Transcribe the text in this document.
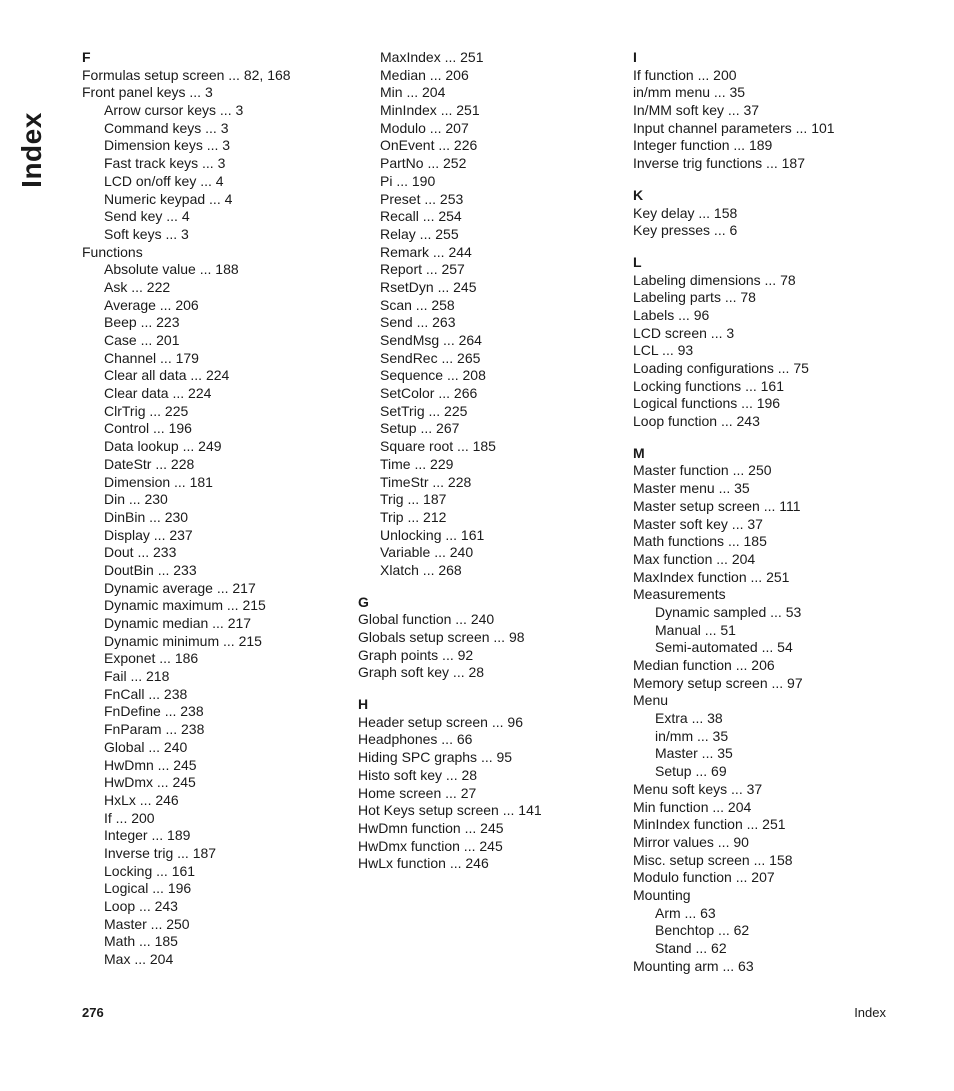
Index
F
Formulas setup screen ... 82, 168
Front panel keys ... 3
Arrow cursor keys ... 3
Command keys ... 3
Dimension keys ... 3
Fast track keys ... 3
LCD on/off key ... 4
Numeric keypad ... 4
Send key ... 4
Soft keys ... 3
Functions
Absolute value ... 188
Ask ... 222
Average ... 206
Beep ... 223
Case ... 201
Channel ... 179
Clear all data ... 224
Clear data ... 224
ClrTrig ... 225
Control ... 196
Data lookup ... 249
DateStr ... 228
Dimension ... 181
Din ... 230
DinBin ... 230
Display ... 237
Dout ... 233
DoutBin ... 233
Dynamic average ... 217
Dynamic maximum ... 215
Dynamic median ... 217
Dynamic minimum ... 215
Exponet ... 186
Fail ... 218
FnCall ... 238
FnDefine ... 238
FnParam ... 238
Global ... 240
HwDmn ... 245
HwDmx ... 245
HxLx ... 246
If ... 200
Integer ... 189
Inverse trig ... 187
Locking ... 161
Logical ... 196
Loop ... 243
Master ... 250
Math ... 185
Max ... 204
MaxIndex ... 251
Median ... 206
Min ... 204
MinIndex ... 251
Modulo ... 207
OnEvent ... 226
PartNo ... 252
Pi ... 190
Preset ... 253
Recall ... 254
Relay ... 255
Remark ... 244
Report ... 257
RsetDyn ... 245
Scan ... 258
Send ... 263
SendMsg ... 264
SendRec ... 265
Sequence ... 208
SetColor ... 266
SetTrig ... 225
Setup ... 267
Square root ... 185
Time ... 229
TimeStr ... 228
Trig ... 187
Trip ... 212
Unlocking ... 161
Variable ... 240
Xlatch ... 268
G
Global function ... 240
Globals setup screen ... 98
Graph points ... 92
Graph soft key ... 28
H
Header setup screen ... 96
Headphones ... 66
Hiding SPC graphs ... 95
Histo soft key ... 28
Home screen ... 27
Hot Keys setup screen ... 141
HwDmn function ... 245
HwDmx function ... 245
HwLx function ... 246
I
If function ... 200
in/mm menu ... 35
In/MM soft key ... 37
Input channel parameters ... 101
Integer function ... 189
Inverse trig functions ... 187
K
Key delay ... 158
Key presses ... 6
L
Labeling dimensions ... 78
Labeling parts ... 78
Labels ... 96
LCD screen ... 3
LCL ... 93
Loading configurations ... 75
Locking functions ... 161
Logical functions ... 196
Loop function ... 243
M
Master function ... 250
Master menu ... 35
Master setup screen ... 111
Master soft key ... 37
Math functions ... 185
Max function ... 204
MaxIndex function ... 251
Measurements
Dynamic sampled ... 53
Manual ... 51
Semi-automated ... 54
Median function ... 206
Memory setup screen ... 97
Menu
Extra ... 38
in/mm ... 35
Master ... 35
Setup ... 69
Menu soft keys ... 37
Min function ... 204
MinIndex function ... 251
Mirror values ... 90
Misc. setup screen ... 158
Modulo function ... 207
Mounting
Arm ... 63
Benchtop ... 62
Stand ... 62
Mounting arm ... 63
276	Index
